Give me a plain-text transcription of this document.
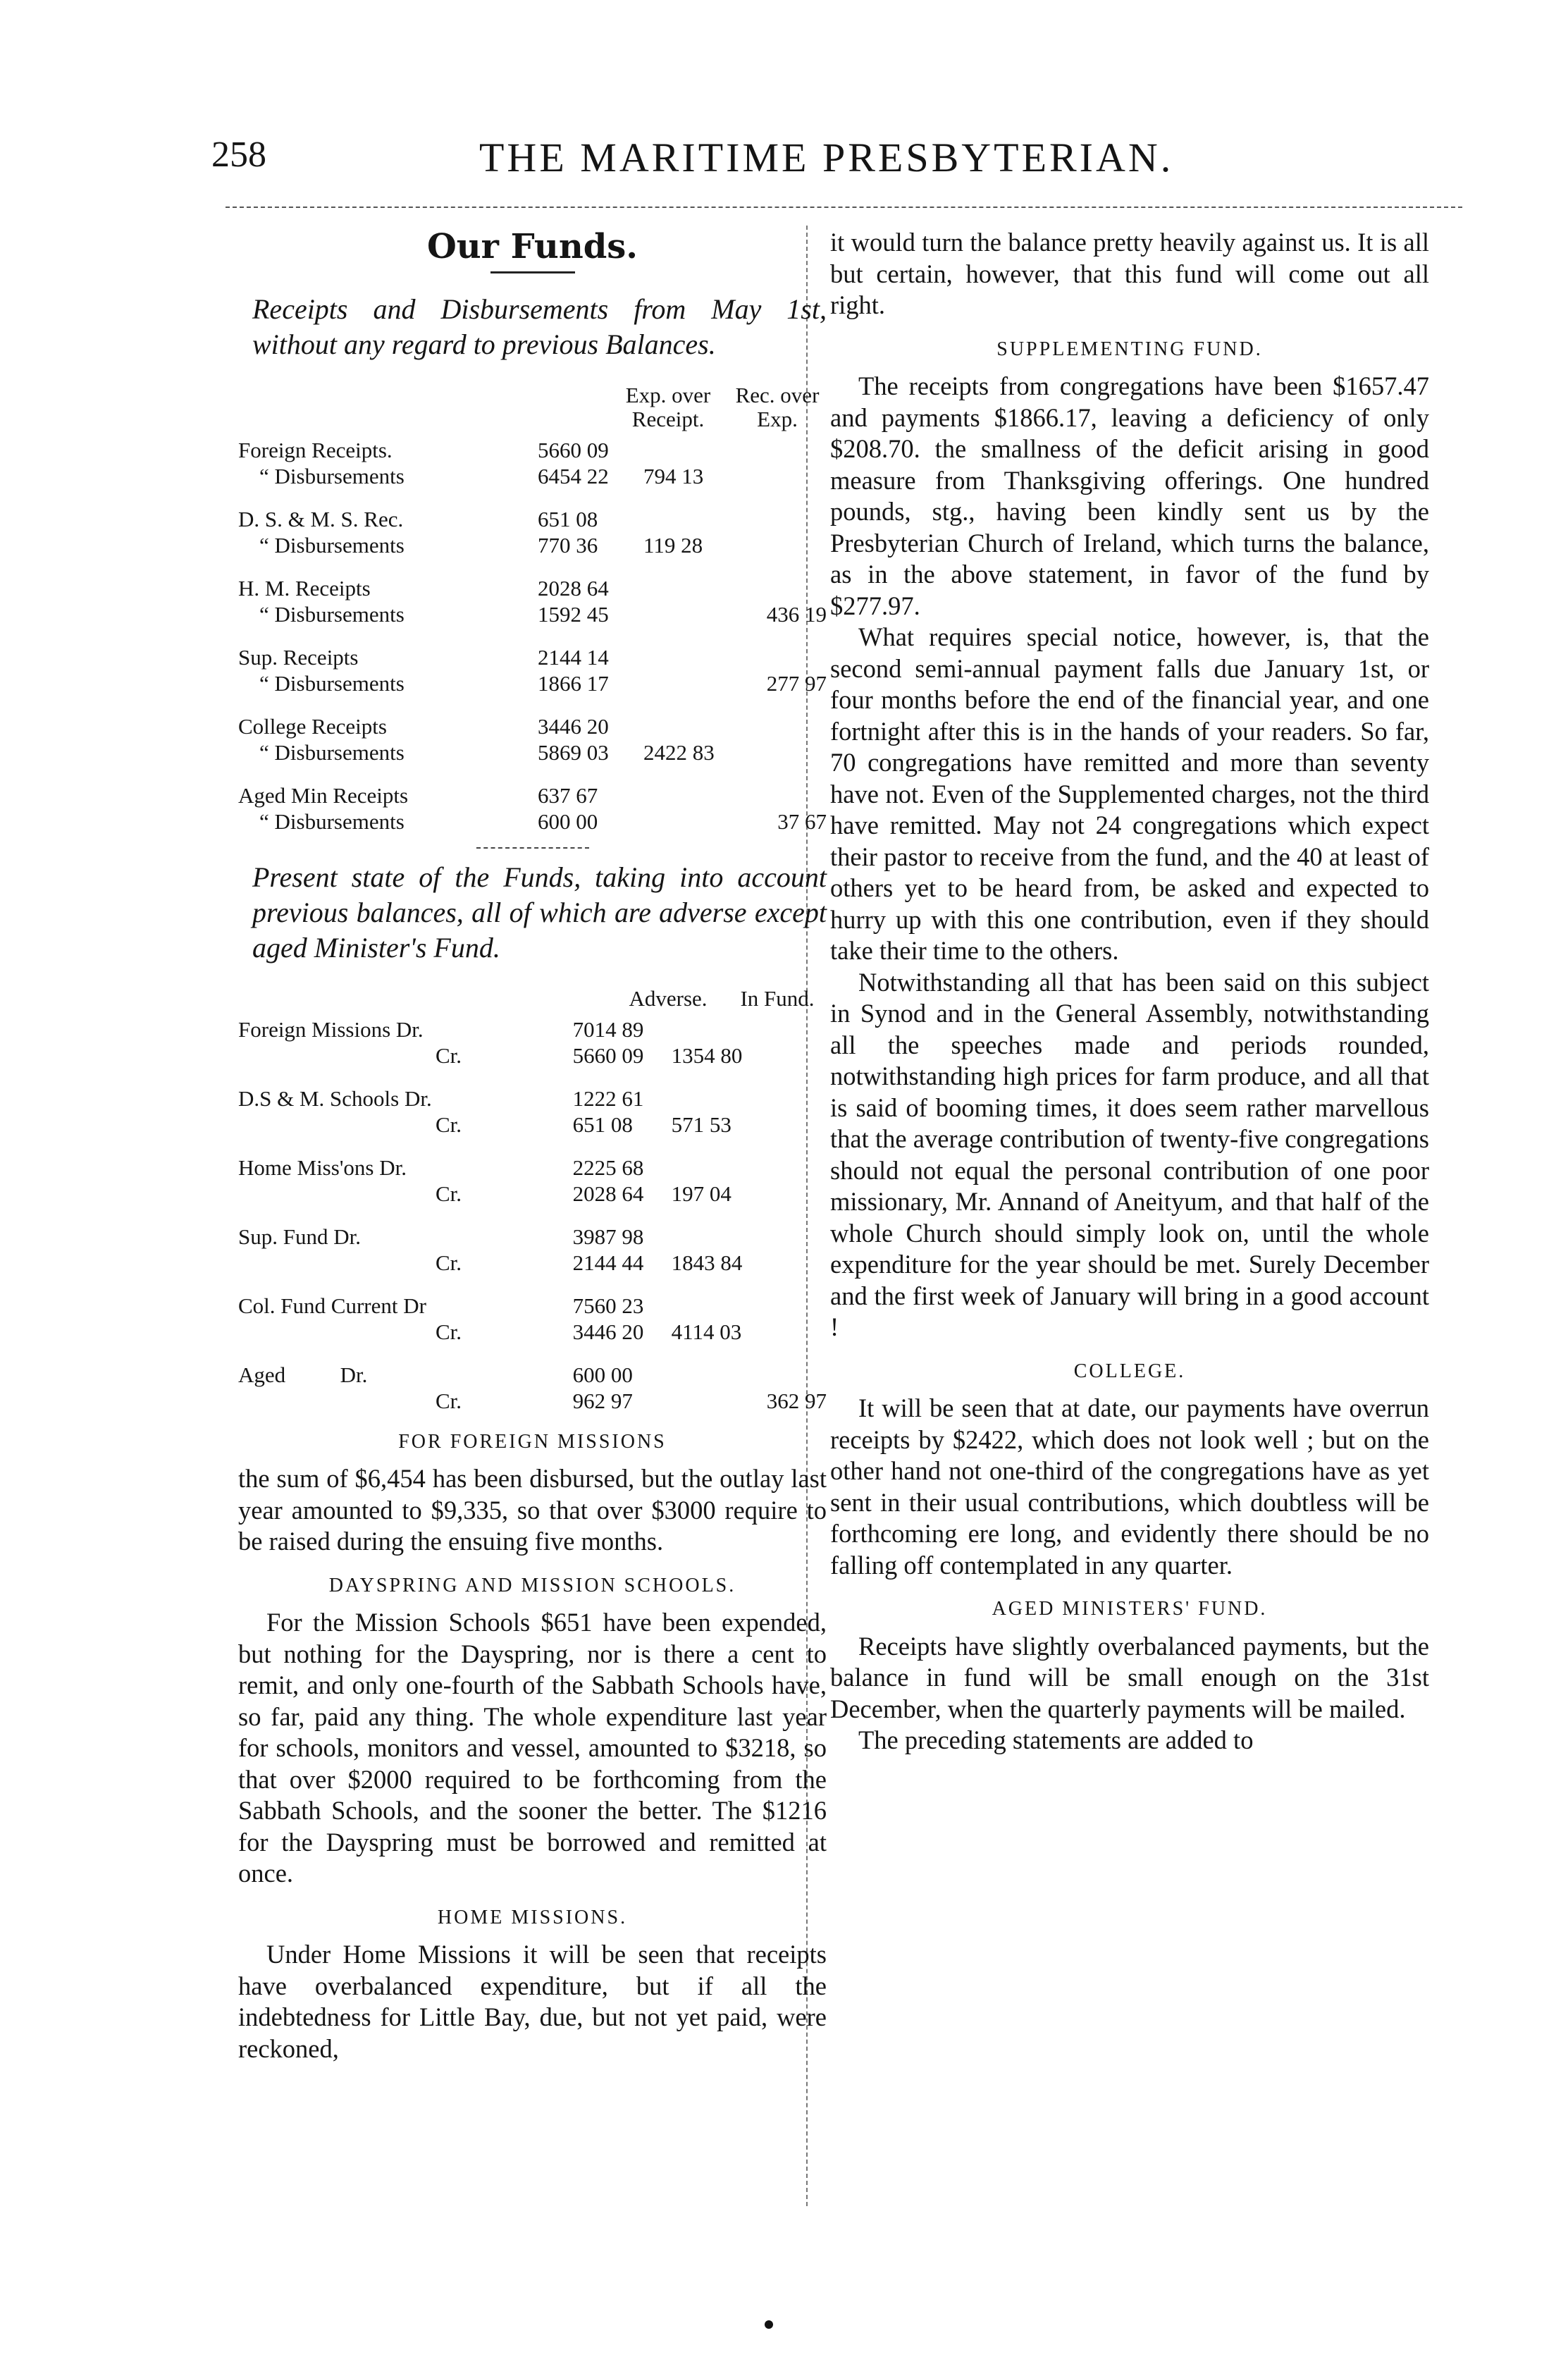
258	THE MARITIME PRESBYTERIAN.
Our Funds.

Receipts and Disbursements from May 1st, without any regard to previous Balances.

Exp. over Receipt.
Rec. over Exp.
Foreign Receipts.	5660 09		
“ Disbursements	6454 22	794 13	

D. S. & M. S. Rec.	651 08		
“ Disbursements	770 36	119 28	

H. M. Receipts	2028 64		
“ Disbursements	1592 45		436 19

Sup. Receipts	2144 14		
“ Disbursements	1866 17		277 97

College Receipts	3446 20		
“ Disbursements	5869 03	2422 83	

Aged Min Receipts	637 67		
“ Disbursements	600 00		37 67

Present state of the Funds, taking into account previous balances, all of which are adverse except aged Minister's Fund.

Adverse.	In Fund.
Foreign Missions Dr.	7014 89		
Cr.	5660 09	1354 80	

D.S & M. Schools Dr.	1222 61		
Cr.	651 08	571 53	

Home Miss'ons Dr.	2225 68		
Cr.	2028 64	197 04	

Sup. Fund Dr.	3987 98		
Cr.	2144 44	1843 84	

Col. Fund Current Dr	7560 23		
Cr.	3446 20	4114 03	

Aged          Dr.	600 00		
Cr.	962 97		362 97
FOR FOREIGN MISSIONS

the sum of $6,454 has been disbursed, but the outlay last year amounted to $9,335, so that over $3000 require to be raised during the ensuing five months.

DAYSPRING AND MISSION SCHOOLS.

For the Mission Schools $651 have been expended, but nothing for the Dayspring, nor is there a cent to remit, and only one-fourth of the Sabbath Schools have, so far, paid any thing. The whole expenditure last year for schools, monitors and vessel, amounted to $3218, so that over $2000 required to be forthcoming from the Sabbath Schools, and the sooner the better. The $1216 for the Dayspring must be borrowed and remitted at once.

HOME MISSIONS.

Under Home Missions it will be seen that receipts have overbalanced expenditure, but if all the indebtedness for Little Bay, due, but not yet paid, were reckoned,

it would turn the balance pretty heavily against us. It is all but certain, however, that this fund will come out all right.

SUPPLEMENTING FUND.

The receipts from congregations have been $1657.47 and payments $1866.17, leaving a deficiency of only $208.70. the smallness of the deficit arising in good measure from Thanksgiving offerings. One hundred pounds, stg., having been kindly sent us by the Presbyterian Church of Ireland, which turns the balance, as in the above statement, in favor of the fund by $277.97.

What requires special notice, however, is, that the second semi-annual payment falls due January 1st, or four months before the end of the financial year, and one fortnight after this is in the hands of your readers. So far, 70 congregations have remitted and more than seventy have not. Even of the Supplemented charges, not the third have remitted. May not 24 congregations which expect their pastor to receive from the fund, and the 40 at least of others yet to be heard from, be asked and expected to hurry up with this one contribution, even if they should take their time to the others.

Notwithstanding all that has been said on this subject in Synod and in the General Assembly, notwithstanding all the speeches made and periods rounded, notwithstanding high prices for farm produce, and all that is said of booming times, it does seem rather marvellous that the average contribution of twenty-five congregations should not equal the personal contribution of one poor missionary, Mr. Annand of Aneityum, and that half of the whole Church should simply look on, until the whole expenditure for the year should be met. Surely December and the first week of January will bring in a good account !

COLLEGE.

It will be seen that at date, our payments have overrun receipts by $2422, which does not look well ; but on the other hand not one-third of the congregations have as yet sent in their usual contributions, which doubtless will be forthcoming ere long, and evidently there should be no falling off contemplated in any quarter.

AGED MINISTERS' FUND.

Receipts have slightly overbalanced payments, but the balance in fund will be small enough on the 31st December, when the quarterly payments will be mailed.

The preceding statements are added to
